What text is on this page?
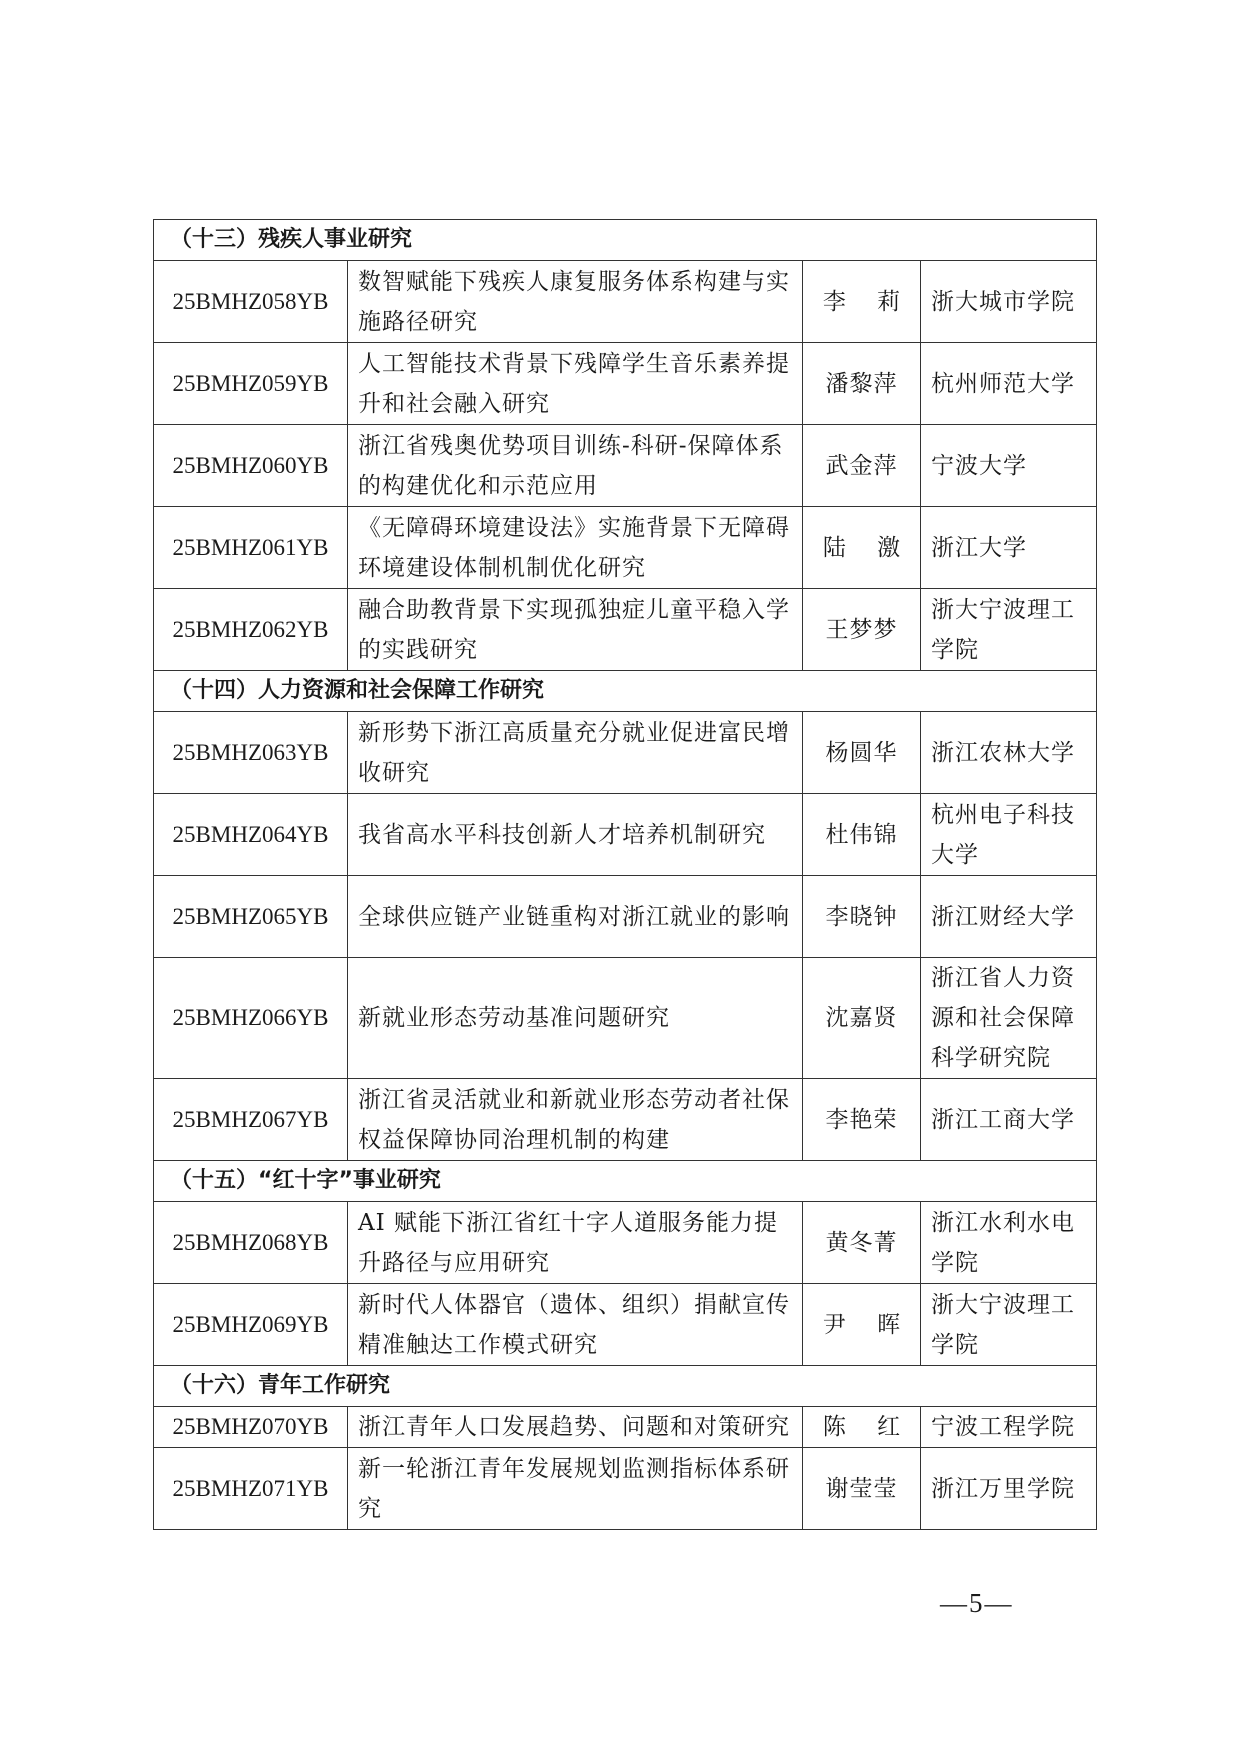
（十三）残疾人事业研究			
25BMHZ058YB	数智赋能下残疾人康复服务体系构建与实施路径研究	李 莉	浙大城市学院
25BMHZ059YB	人工智能技术背景下残障学生音乐素养提升和社会融入研究	潘黎萍	杭州师范大学
25BMHZ060YB	浙江省残奥优势项目训练-科研-保障体系的构建优化和示范应用	武金萍	宁波大学
25BMHZ061YB	《无障碍环境建设法》实施背景下无障碍环境建设体制机制优化研究	陆 激	浙江大学
25BMHZ062YB	融合助教背景下实现孤独症儿童平稳入学的实践研究	王梦梦	浙大宁波理工学院
（十四）人力资源和社会保障工作研究			
25BMHZ063YB	新形势下浙江高质量充分就业促进富民增收研究	杨圆华	浙江农林大学
25BMHZ064YB	我省高水平科技创新人才培养机制研究	杜伟锦	杭州电子科技大学
25BMHZ065YB	全球供应链产业链重构对浙江就业的影响	李晓钟	浙江财经大学
25BMHZ066YB	新就业形态劳动基准问题研究	沈嘉贤	浙江省人力资源和社会保障科学研究院
25BMHZ067YB	浙江省灵活就业和新就业形态劳动者社保权益保障协同治理机制的构建	李艳荣	浙江工商大学
（十五）“红十字”事业研究			
25BMHZ068YB	AI 赋能下浙江省红十字人道服务能力提升路径与应用研究	黄冬菁	浙江水利水电学院
25BMHZ069YB	新时代人体器官（遗体、组织）捐献宣传精准触达工作模式研究	尹 晖	浙大宁波理工学院
（十六）青年工作研究			
25BMHZ070YB	浙江青年人口发展趋势、问题和对策研究	陈 红	宁波工程学院
25BMHZ071YB	新一轮浙江青年发展规划监测指标体系研究	谢莹莹	浙江万里学院
—5—
